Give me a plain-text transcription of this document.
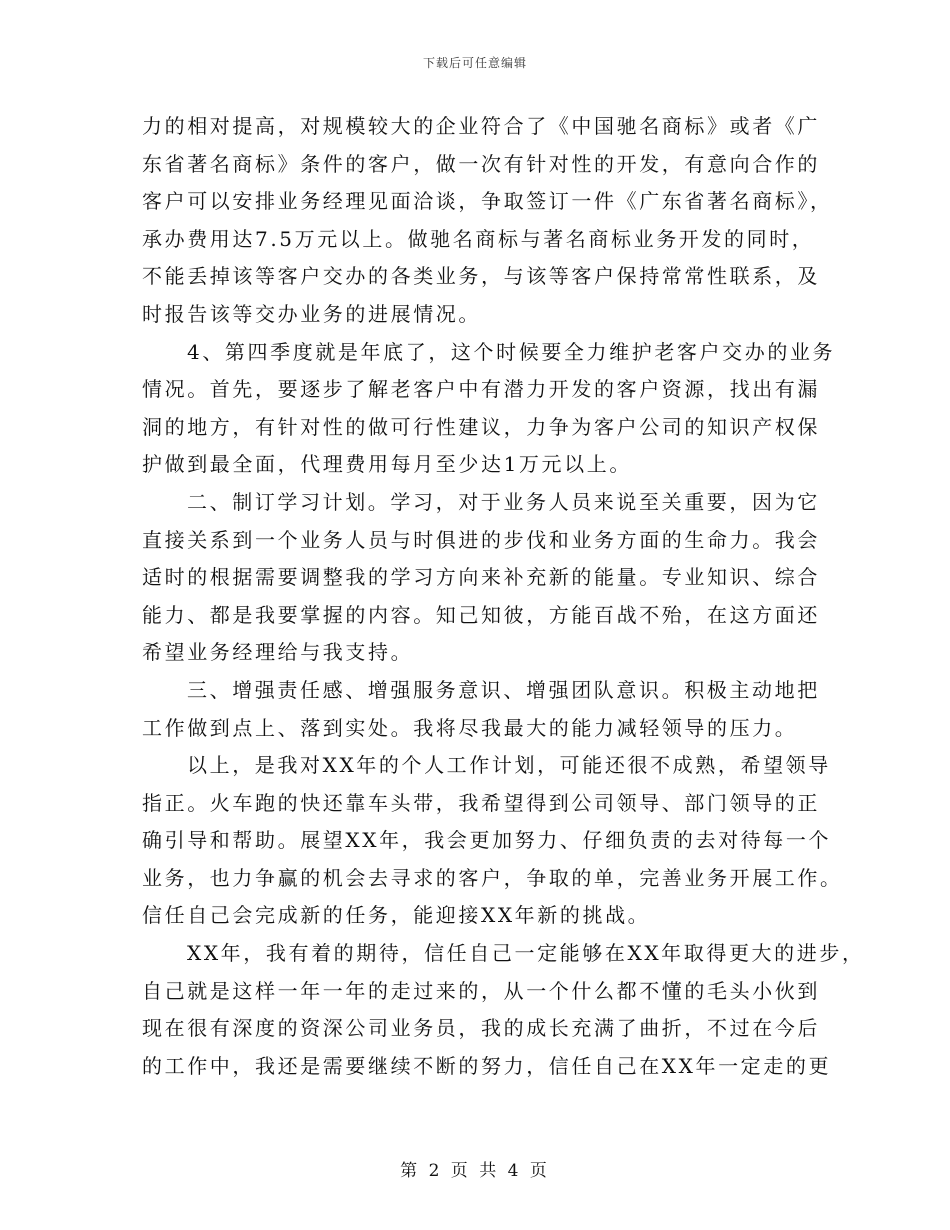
下载后可任意编辑
力的相对提高，对规模较大的企业符合了《中国驰名商标》或者《广
东省著名商标》条件的客户，做一次有针对性的开发，有意向合作的
客户可以安排业务经理见面洽谈，争取签订一件《广东省著名商标》，
承办费用达7.5万元以上。做驰名商标与著名商标业务开发的同时，
不能丢掉该等客户交办的各类业务，与该等客户保持常常性联系，及
时报告该等交办业务的进展情况。
4、第四季度就是年底了，这个时候要全力维护老客户交办的业务
情况。首先，要逐步了解老客户中有潜力开发的客户资源，找出有漏
洞的地方，有针对性的做可行性建议，力争为客户公司的知识产权保
护做到最全面，代理费用每月至少达1万元以上。
二、制订学习计划。学习，对于业务人员来说至关重要，因为它
直接关系到一个业务人员与时俱进的步伐和业务方面的生命力。我会
适时的根据需要调整我的学习方向来补充新的能量。专业知识、综合
能力、都是我要掌握的内容。知己知彼，方能百战不殆，在这方面还
希望业务经理给与我支持。
三、增强责任感、增强服务意识、增强团队意识。积极主动地把
工作做到点上、落到实处。我将尽我最大的能力减轻领导的压力。
以上，是我对XX年的个人工作计划，可能还很不成熟，希望领导
指正。火车跑的快还靠车头带，我希望得到公司领导、部门领导的正
确引导和帮助。展望XX年，我会更加努力、仔细负责的去对待每一个
业务，也力争赢的机会去寻求的客户，争取的单，完善业务开展工作。
信任自己会完成新的任务，能迎接XX年新的挑战。
XX年，我有着的期待，信任自己一定能够在XX年取得更大的进步，
自己就是这样一年一年的走过来的，从一个什么都不懂的毛头小伙到
现在很有深度的资深公司业务员，我的成长充满了曲折，不过在今后
的工作中，我还是需要继续不断的努力，信任自己在XX年一定走的更
第 2 页 共 4 页
